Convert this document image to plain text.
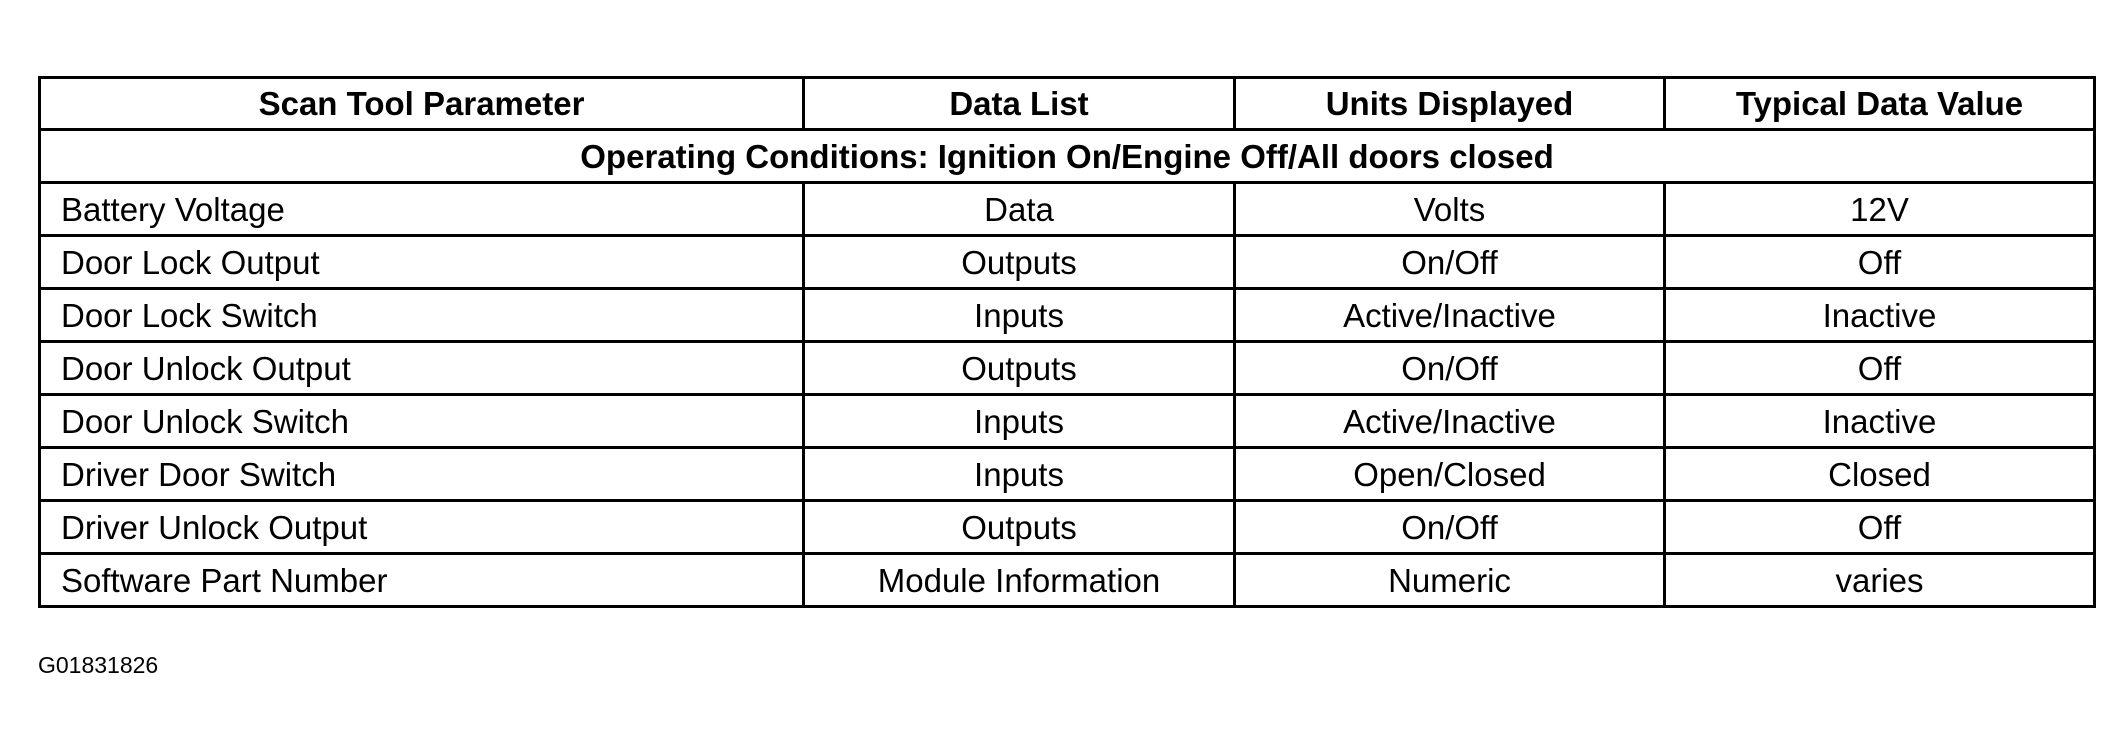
Scan Tool Parameter	Data List	Units Displayed	Typical Data Value
Operating Conditions: Ignition On/Engine Off/All doors closed			
Battery Voltage	Data	Volts	12V
Door Lock Output	Outputs	On/Off	Off
Door Lock Switch	Inputs	Active/Inactive	Inactive
Door Unlock Output	Outputs	On/Off	Off
Door Unlock Switch	Inputs	Active/Inactive	Inactive
Driver Door Switch	Inputs	Open/Closed	Closed
Driver Unlock Output	Outputs	On/Off	Off
Software Part Number	Module Information	Numeric	varies
G01831826
